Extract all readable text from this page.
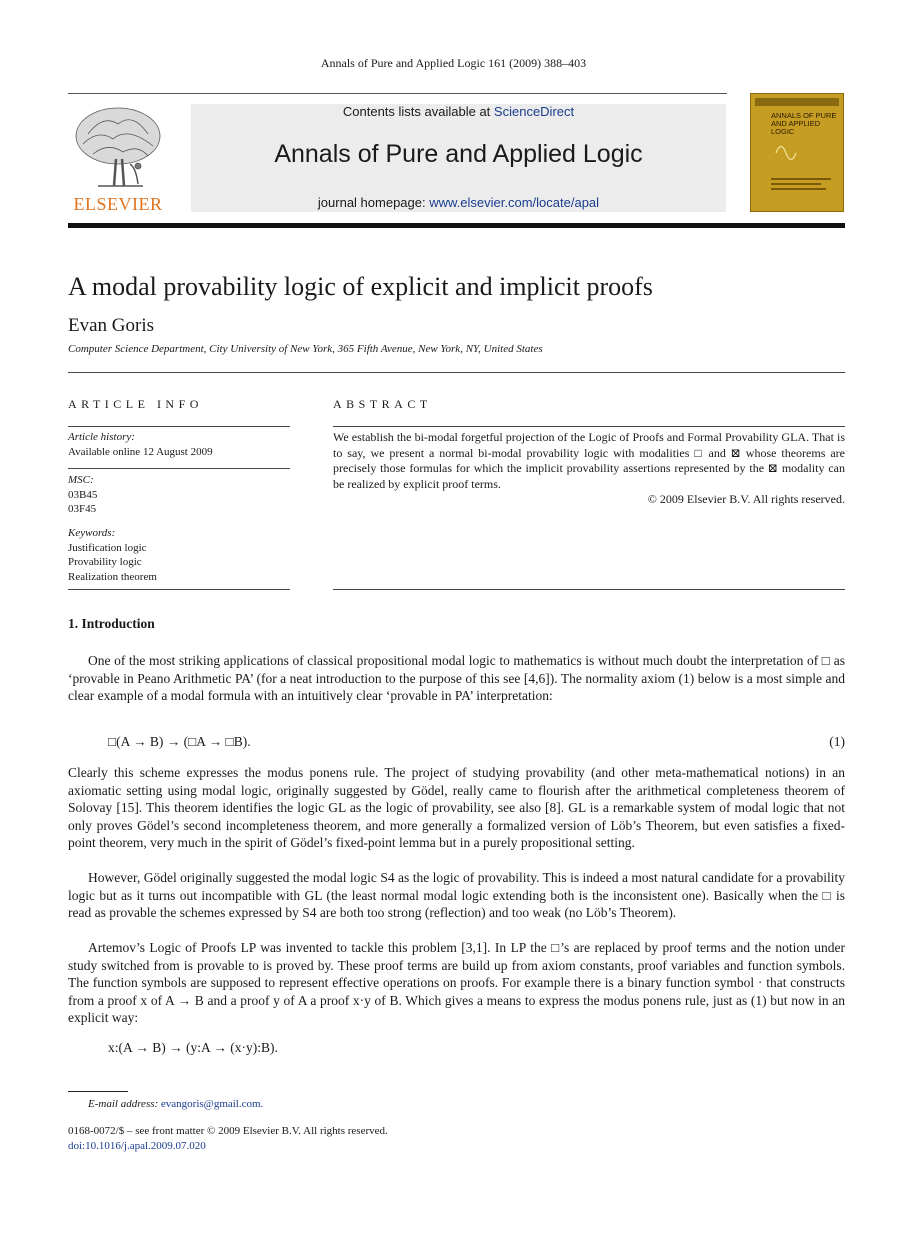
Annals of Pure and Applied Logic 161 (2009) 388–403
ELSEVIER
Contents lists available at ScienceDirect
Annals of Pure and Applied Logic
journal homepage: www.elsevier.com/locate/apal
ANNALS OF PURE AND APPLIED LOGIC
A modal provability logic of explicit and implicit proofs
Evan Goris
Computer Science Department, City University of New York, 365 Fifth Avenue, New York, NY, United States
ARTICLE INFO
Article history:
Available online 12 August 2009
MSC:
03B45
03F45
Keywords:
Justification logic
Provability logic
Realization theorem
ABSTRACT
We establish the bi-modal forgetful projection of the Logic of Proofs and Formal Provability GLA. That is to say, we present a normal bi-modal provability logic with modalities □ and ⊠ whose theorems are precisely those formulas for which the implicit provability assertions represented by the ⊠ modality can be realized by explicit proof terms.
© 2009 Elsevier B.V. All rights reserved.
1. Introduction
One of the most striking applications of classical propositional modal logic to mathematics is without much doubt the interpretation of □ as ‘provable in Peano Arithmetic PA’ (for a neat introduction to the purpose of this see [4,6]). The normality axiom (1) below is a most simple and clear example of a modal formula with an intuitively clear ‘provable in PA’ interpretation:
□(A → B) → (□A → □B).	(1)
Clearly this scheme expresses the modus ponens rule. The project of studying provability (and other meta-mathematical notions) in an axiomatic setting using modal logic, originally suggested by Gödel, really came to flourish after the arithmetical completeness theorem of Solovay [15]. This theorem identifies the logic GL as the logic of provability, see also [8]. GL is a remarkable system of modal logic that not only proves Gödel’s second incompleteness theorem, and more generally a formalized version of Löb’s Theorem, but even satisfies a fixed-point theorem, very much in the spirit of Gödel’s fixed-point lemma but in a purely propositional setting.
However, Gödel originally suggested the modal logic S4 as the logic of provability. This is indeed a most natural candidate for a provability logic but as it turns out incompatible with GL (the least normal modal logic extending both is the inconsistent one). Basically when the □ is read as provable the schemes expressed by S4 are both too strong (reflection) and too weak (no Löb’s Theorem).
Artemov’s Logic of Proofs LP was invented to tackle this problem [3,1]. In LP the □’s are replaced by proof terms and the notion under study switched from is provable to is proved by. These proof terms are build up from axiom constants, proof variables and function symbols. The function symbols are supposed to represent effective operations on proofs. For example there is a binary function symbol · that constructs from a proof x of A → B and a proof y of A a proof x·y of B. Which gives a means to express the modus ponens rule, just as (1) but now in an explicit way:
x:(A → B) → (y:A → (x·y):B).
E-mail address: evangoris@gmail.com.
0168-0072/$ – see front matter © 2009 Elsevier B.V. All rights reserved.
doi:10.1016/j.apal.2009.07.020
